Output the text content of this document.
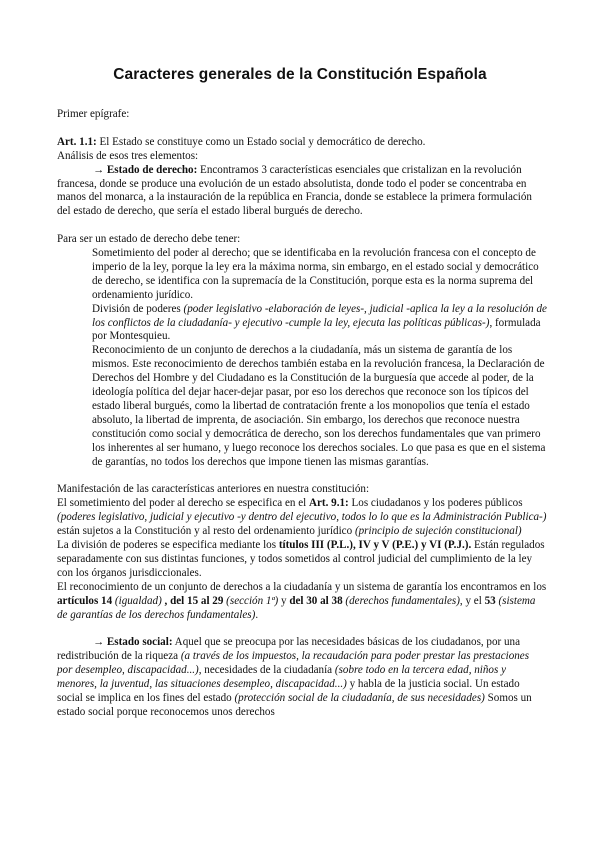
Caracteres generales de la Constitución Española

Primer epígrafe:

Art. 1.1: El Estado se constituye como un Estado social y democrático de derecho.

Análisis de esos tres elementos:

→ Estado de derecho: Encontramos 3 características esenciales que cristalizan en la revolución francesa, donde se produce una evolución de un estado absolutista, donde todo el poder se concentraba en manos del monarca, a la instauración de la república en Francia, donde se establece la primera formulación del estado de derecho, que sería el estado liberal burgués de derecho.

Para ser un estado de derecho debe tener:

Sometimiento del poder al derecho; que se identificaba en la revolución francesa con el concepto de imperio de la ley, porque la ley era la máxima norma, sin embargo, en el estado social y democrático de derecho, se identifica con la supremacía de la Constitución, porque esta es la norma suprema del ordenamiento jurídico.

División de poderes (poder legislativo -elaboración de leyes-, judicial -aplica la ley a la resolución de los conflictos de la ciudadanía- y ejecutivo -cumple la ley, ejecuta las políticas públicas-), formulada por Montesquieu.

Reconocimiento de un conjunto de derechos a la ciudadanía, más un sistema de garantía de los mismos. Este reconocimiento de derechos también estaba en la revolución francesa, la Declaración de Derechos del Hombre y del Ciudadano es la Constitución de la burguesía que accede al poder, de la ideología política del dejar hacer-dejar pasar, por eso los derechos que reconoce son los típicos del estado liberal burgués, como la libertad de contratación frente a los monopolios que tenía el estado absoluto, la libertad de imprenta, de asociación. Sin embargo, los derechos que reconoce nuestra constitución como social y democrática de derecho, son los derechos fundamentales que van primero los inherentes al ser humano, y luego reconoce los derechos sociales. Lo que pasa es que en el sistema de garantías, no todos los derechos que impone tienen las mismas garantías.

Manifestación de las características anteriores en nuestra constitución:

El sometimiento del poder al derecho se especifica en el Art. 9.1: Los ciudadanos y los poderes públicos (poderes legislativo, judicial y ejecutivo -y dentro del ejecutivo, todos lo lo que es la Administración Publica-) están sujetos a la Constitución y al resto del ordenamiento jurídico (principio de sujeción constitucional)

La división de poderes se especifica mediante los títulos III (P.L.), IV y V (P.E.) y VI (P.J.). Están regulados separadamente con sus distintas funciones, y todos sometidos al control judicial del cumplimiento de la ley con los órganos jurisdiccionales.

El reconocimiento de un conjunto de derechos a la ciudadanía y un sistema de garantía los encontramos en los artículos 14 (igualdad) , del 15 al 29 (sección 1ª) y del 30 al 38 (derechos fundamentales), y el 53 (sistema de garantías de los derechos fundamentales).

→ Estado social: Aquel que se preocupa por las necesidades básicas de los ciudadanos, por una redistribución de la riqueza (a través de los impuestos, la recaudación para poder prestar las prestaciones por desempleo, discapacidad...), necesidades de la ciudadanía (sobre todo en la tercera edad, niños y menores, la juventud, las situaciones desempleo, discapacidad...) y habla de la justicia social. Un estado social se implica en los fines del estado (protección social de la ciudadanía, de sus necesidades) Somos un estado social porque reconocemos unos derechos
